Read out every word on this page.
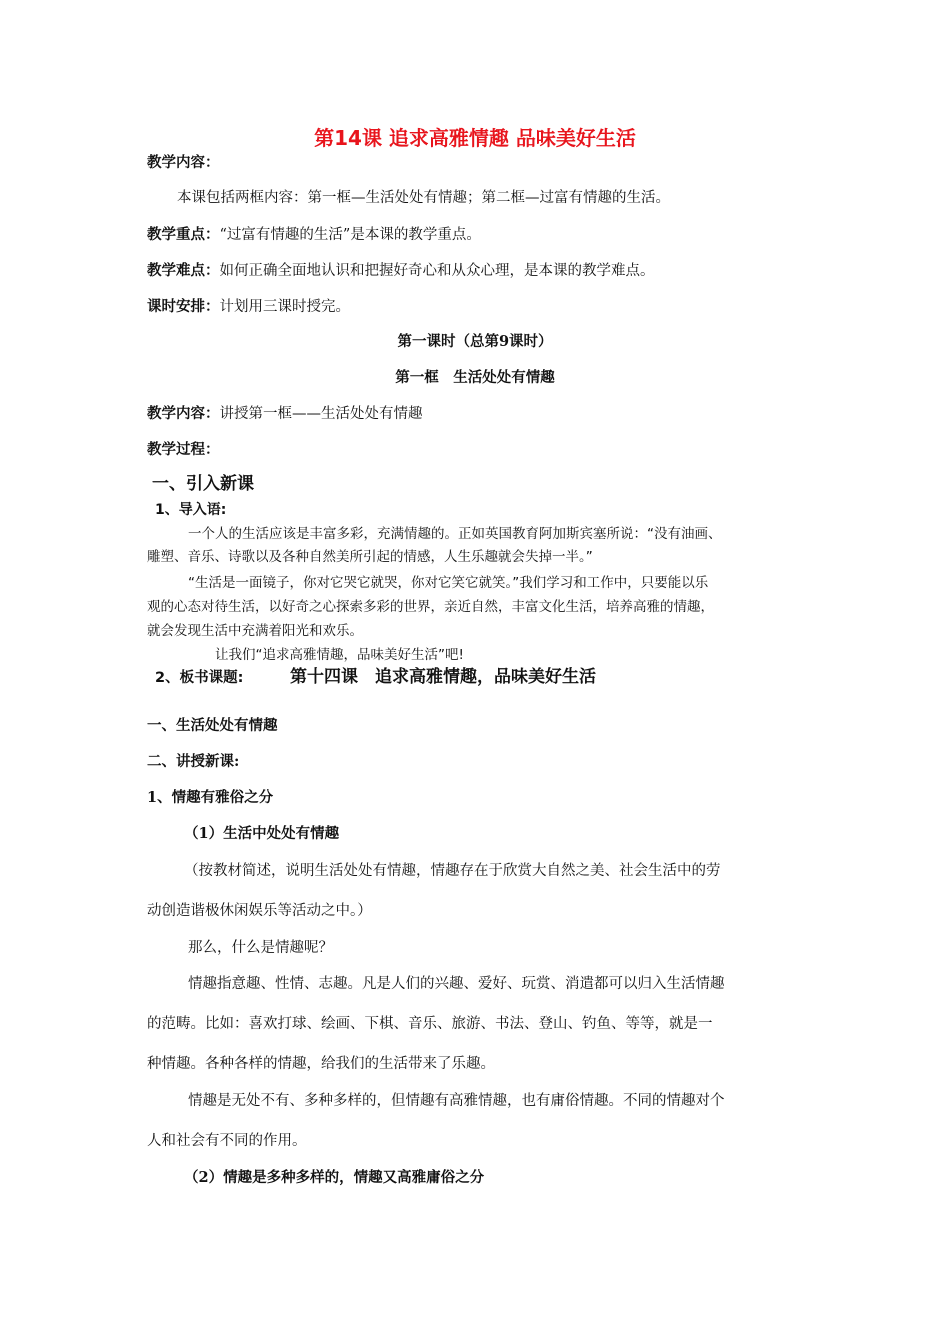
第14课 追求高雅情趣 品味美好生活
教学内容：
本课包括两框内容：第一框—生活处处有情趣；第二框—过富有情趣的生活。
教学重点：“过富有情趣的生活”是本课的教学重点。
教学难点：如何正确全面地认识和把握好奇心和从众心理，是本课的教学难点。
课时安排：计划用三课时授完。
第一课时（总第9课时）
第一框　生活处处有情趣
教学内容：讲授第一框——生活处处有情趣
教学过程：
一、引入新课
1、导入语:
一个人的生活应该是丰富多彩，充满情趣的。正如英国教育阿加斯宾塞所说：“没有油画、
雕塑、音乐、诗歌以及各种自然美所引起的情感，人生乐趣就会失掉一半。”
“生活是一面镜子，你对它哭它就哭，你对它笑它就笑。”我们学习和工作中，只要能以乐
观的心态对待生活，以好奇之心探索多彩的世界，亲近自然，丰富文化生活，培养高雅的情趣，
就会发现生活中充满着阳光和欢乐。
让我们“追求高雅情趣，品味美好生活”吧!
2、板书课题:	第十四课　追求高雅情趣，品味美好生活
一、生活处处有情趣
二、讲授新课:
1、情趣有雅俗之分
（1）生活中处处有情趣
（按教材简述，说明生活处处有情趣，情趣存在于欣赏大自然之美、社会生活中的劳
动创造谐极休闲娱乐等活动之中。）
那么，什么是情趣呢？
情趣指意趣、性情、志趣。凡是人们的兴趣、爱好、玩赏、消遣都可以归入生活情趣
的范畴。比如：喜欢打球、绘画、下棋、音乐、旅游、书法、登山、钓鱼、等等，就是一
种情趣。各种各样的情趣，给我们的生活带来了乐趣。
情趣是无处不有、多种多样的，但情趣有高雅情趣，也有庸俗情趣。不同的情趣对个
人和社会有不同的作用。
（2）情趣是多种多样的，情趣又高雅庸俗之分
